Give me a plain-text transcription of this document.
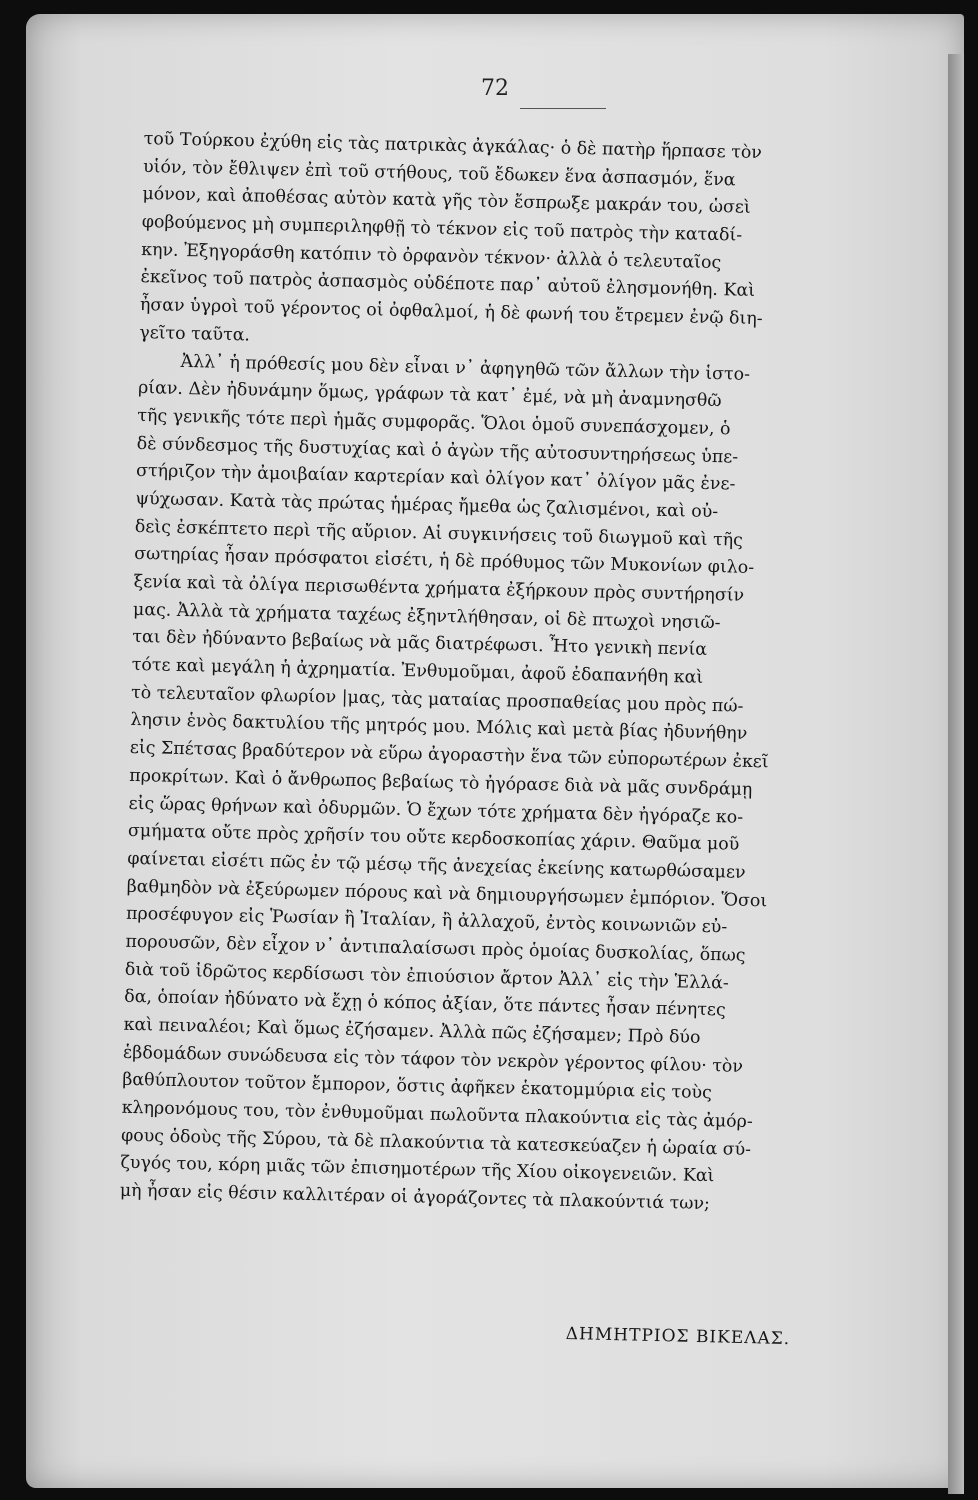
72
τοῦ Τούρκου ἐχύθη εἰς τὰς πατρικὰς ἀγκάλας· ὁ δὲ πατὴρ ἥρπασε τὸν
υἱόν, τὸν ἔθλιψεν ἐπὶ τοῦ στήθους, τοῦ ἔδωκεν ἕνα ἀσπασμόν, ἕνα
μόνον, καὶ ἀποθέσας αὐτὸν κατὰ γῆς τὸν ἔσπρωξε μακράν του, ὡσεὶ
φοβούμενος μὴ συμπεριληφθῇ τὸ τέκνον εἰς τοῦ πατρὸς τὴν καταδί-
κην. Ἐξηγοράσθη κατόπιν τὸ ὀρφανὸν τέκνον· ἀλλὰ ὁ τελευταῖος
ἐκεῖνος τοῦ πατρὸς ἀσπασμὸς οὐδέποτε παρ᾽ αὐτοῦ ἐλησμονήθη. Καὶ
ἦσαν ὑγροὶ τοῦ γέροντος οἱ ὀφθαλμοί, ἡ δὲ φωνή του ἔτρεμεν ἐνῷ διη-
γεῖτο ταῦτα.
Ἀλλ᾽ ἡ πρόθεσίς μου δὲν εἶναι ν᾽ ἀφηγηθῶ τῶν ἄλλων τὴν ἱστο-
ρίαν. Δὲν ἠδυνάμην ὅμως, γράφων τὰ κατ᾽ ἐμέ, νὰ μὴ ἀναμνησθῶ
τῆς γενικῆς τότε περὶ ἡμᾶς συμφορᾶς. Ὅλοι ὁμοῦ συνεπάσχομεν, ὁ
δὲ σύνδεσμος τῆς δυστυχίας καὶ ὁ ἀγὼν τῆς αὐτοσυντηρήσεως ὑπε-
στήριζον τὴν ἀμοιβαίαν καρτερίαν καὶ ὀλίγον κατ᾽ ὀλίγον μᾶς ἐνε-
ψύχωσαν. Κατὰ τὰς πρώτας ἡμέρας ἤμεθα ὡς ζαλισμένοι, καὶ οὐ-
δεὶς ἐσκέπτετο περὶ τῆς αὔριον. Αἱ συγκινήσεις τοῦ διωγμοῦ καὶ τῆς
σωτηρίας ἦσαν πρόσφατοι εἰσέτι, ἡ δὲ πρόθυμος τῶν Μυκονίων φιλο-
ξενία καὶ τὰ ὀλίγα περισωθέντα χρήματα ἐξήρκουν πρὸς συντήρησίν
μας. Ἀλλὰ τὰ χρήματα ταχέως ἐξηντλήθησαν, οἱ δὲ πτωχοὶ νησιῶ-
ται δὲν ἠδύναντο βεβαίως νὰ μᾶς διατρέφωσι. Ἦτο γενικὴ πενία
τότε καὶ μεγάλη ἡ ἀχρηματία. Ἐνθυμοῦμαι, ἀφοῦ ἐδαπανήθη καὶ
τὸ τελευταῖον φλωρίον |μας, τὰς ματαίας προσπαθείας μου πρὸς πώ-
λησιν ἑνὸς δακτυλίου τῆς μητρός μου. Μόλις καὶ μετὰ βίας ἠδυνήθην
εἰς Σπέτσας βραδύτερον νὰ εὕρω ἀγοραστὴν ἕνα τῶν εὐπορωτέρων ἐκεῖ
προκρίτων. Καὶ ὁ ἄνθρωπος βεβαίως τὸ ἠγόρασε διὰ νὰ μᾶς συνδράμῃ
εἰς ὥρας θρήνων καὶ ὀδυρμῶν. Ὁ ἔχων τότε χρήματα δὲν ἠγόραζε κο-
σμήματα οὔτε πρὸς χρῆσίν του οὔτε κερδοσκοπίας χάριν. Θαῦμα μοῦ
φαίνεται εἰσέτι πῶς ἐν τῷ μέσῳ τῆς ἀνεχείας ἐκείνης κατωρθώσαμεν
βαθμηδὸν νὰ ἐξεύρωμεν πόρους καὶ νὰ δημιουργήσωμεν ἐμπόριον. Ὅσοι
προσέφυγον εἰς Ῥωσίαν ἢ Ἰταλίαν, ἢ ἀλλαχοῦ, ἐντὸς κοινωνιῶν εὐ-
πορουσῶν, δὲν εἶχον ν᾽ ἀντιπαλαίσωσι πρὸς ὁμοίας δυσκολίας, ὅπως
διὰ τοῦ ἱδρῶτος κερδίσωσι τὸν ἐπιούσιον ἄρτον Ἀλλ᾽ εἰς τὴν Ἑλλά-
δα, ὁποίαν ἠδύνατο νὰ ἔχῃ ὁ κόπος ἀξίαν, ὅτε πάντες ἦσαν πένητες
καὶ πειναλέοι; Καὶ ὅμως ἐζήσαμεν. Ἀλλὰ πῶς ἐζήσαμεν; Πρὸ δύο
ἑβδομάδων συνώδευσα εἰς τὸν τάφον τὸν νεκρὸν γέροντος φίλου· τὸν
βαθύπλουτον τοῦτον ἔμπορον, ὅστις ἀφῆκεν ἑκατομμύρια εἰς τοὺς
κληρονόμους του, τὸν ἐνθυμοῦμαι πωλοῦντα πλακούντια εἰς τὰς ἀμόρ-
φους ὁδοὺς τῆς Σύρου, τὰ δὲ πλακούντια τὰ κατεσκεύαζεν ἡ ὡραία σύ-
ζυγός του, κόρη μιᾶς τῶν ἐπισημοτέρων τῆς Χίου οἰκογενειῶν. Καὶ
μὴ ἦσαν εἰς θέσιν καλλιτέραν οἱ ἀγοράζοντες τὰ πλακούντιά των;
ΔΗΜΗΤΡΙΟΣ ΒΙΚΕΛΑΣ.
